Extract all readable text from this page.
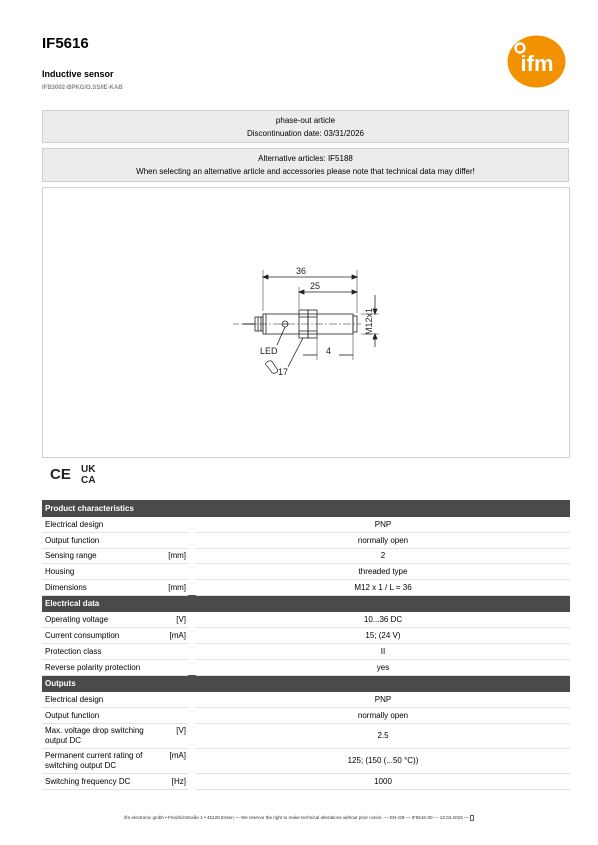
IF5616
Inductive sensor
IFB3002-BPKG/O.SS/IE-KAB
ifm
phase-out article
Discontinuation date: 03/31/2026
Alternative articles: IF5188
When selecting an alternative article and accessories please note that technical data may differ!
36
25
M12x1
4
LED
17
CE UK
CA
Product characteristics			
Electrical design			PNP
Output function			normally open
Sensing range	[mm]		2
Housing			threaded type
Dimensions	[mm]		M12 x 1 / L = 36
Electrical data			
Operating voltage	[V]		10...36 DC
Current consumption	[mA]		15; (24 V)
Protection class			II
Reverse polarity protection			yes
Outputs			
Electrical design			PNP
Output function			normally open
Max. voltage drop switching output DC	[V]		2.5
Permanent current rating of switching output DC	[mA]		125; (150 (...50 °C))
Switching frequency DC	[Hz]		1000
ifm electronic gmbh • Friedrichstraße 1 • 45128 Essen — We reserve the right to make technical alterations without prior notice. — EN-GB — IF5616-00 — 13.04.2023 —
